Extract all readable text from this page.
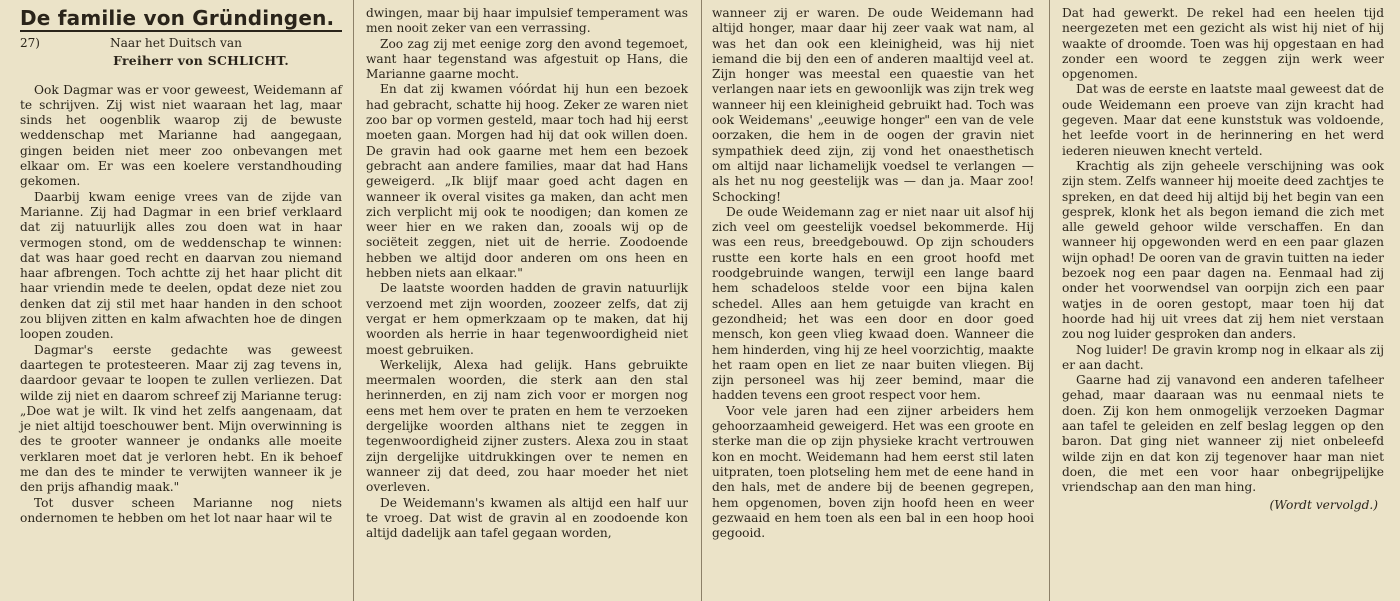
De familie von Gründingen.
27)	Naar het Duitsch van
Freiherr von SCHLICHT.

Ook Dagmar was er voor geweest, Weidemann af te schrijven. Zij wist niet waaraan het lag, maar sinds het oogenblik waarop zij de bewuste weddenschap met Marianne had aangegaan, gingen beiden niet meer zoo onbevangen met elkaar om. Er was een koelere verstandhouding gekomen.

Daarbij kwam eenige vrees van de zijde van Marianne. Zij had Dagmar in een brief verklaard dat zij natuurlijk alles zou doen wat in haar vermogen stond, om de weddenschap te winnen: dat was haar goed recht en daarvan zou niemand haar afbrengen. Toch achtte zij het haar plicht dit haar vriendin mede te deelen, opdat deze niet zou denken dat zij stil met haar handen in den schoot zou blijven zitten en kalm afwachten hoe de dingen loopen zouden.

Dagmar's eerste gedachte was geweest daartegen te protesteeren. Maar zij zag tevens in, daardoor gevaar te loopen te zullen verliezen. Dat wilde zij niet en daarom schreef zij Marianne terug: „Doe wat je wilt. Ik vind het zelfs aangenaam, dat je niet altijd toeschouwer bent. Mijn overwinning is des te grooter wanneer je ondanks alle moeite verklaren moet dat je verloren hebt. En ik behoef me dan des te minder te verwijten wanneer ik je den prijs afhandig maak."

Tot dusver scheen Marianne nog niets ondernomen te hebben om het lot naar haar wil te

dwingen, maar bij haar impulsief temperament was men nooit zeker van een verrassing.

Zoo zag zij met eenige zorg den avond tegemoet, want haar tegenstand was afgestuit op Hans, die Marianne gaarne mocht.

En dat zij kwamen vóórdat hij hun een bezoek had gebracht, schatte hij hoog. Zeker ze waren niet zoo bar op vormen gesteld, maar toch had hij eerst moeten gaan. Morgen had hij dat ook willen doen. De gravin had ook gaarne met hem een bezoek gebracht aan andere families, maar dat had Hans geweigerd. „Ik blijf maar goed acht dagen en wanneer ik overal visites ga maken, dan acht men zich verplicht mij ook te noodigen; dan komen ze weer hier en we raken dan, zooals wij op de sociëteit zeggen, niet uit de herrie. Zoodoende hebben we altijd door anderen om ons heen en hebben niets aan elkaar."

De laatste woorden hadden de gravin natuurlijk verzoend met zijn woorden, zoozeer zelfs, dat zij vergat er hem opmerkzaam op te maken, dat hij woorden als herrie in haar tegenwoordigheid niet moest gebruiken.

Werkelijk, Alexa had gelijk. Hans gebruikte meermalen woorden, die sterk aan den stal herinnerden, en zij nam zich voor er morgen nog eens met hem over te praten en hem te verzoeken dergelijke woorden althans niet te zeggen in tegenwoordigheid zijner zusters. Alexa zou in staat zijn dergelijke uitdrukkingen over te nemen en wanneer zij dat deed, zou haar moeder het niet overleven.

De Weidemann's kwamen als altijd een half uur te vroeg. Dat wist de gravin al en zoodoende kon altijd dadelijk aan tafel gegaan worden,

wanneer zij er waren. De oude Weidemann had altijd honger, maar daar hij zeer vaak wat nam, al was het dan ook een kleinigheid, was hij niet iemand die bij den een of anderen maaltijd veel at. Zijn honger was meestal een quaestie van het verlangen naar iets en gewoonlijk was zijn trek weg wanneer hij een kleinigheid gebruikt had. Toch was ook Weidemans' „eeuwige honger" een van de vele oorzaken, die hem in de oogen der gravin niet sympathiek deed zijn, zij vond het onaesthetisch om altijd naar lichamelijk voedsel te verlangen — als het nu nog geestelijk was — dan ja. Maar zoo! Schocking!

De oude Weidemann zag er niet naar uit alsof hij zich veel om geestelijk voedsel bekommerde. Hij was een reus, breedgebouwd. Op zijn schouders rustte een korte hals en een groot hoofd met roodgebruinde wangen, terwijl een lange baard hem schadeloos stelde voor een bijna kalen schedel. Alles aan hem getuigde van kracht en gezondheid; het was een door en door goed mensch, kon geen vlieg kwaad doen. Wanneer die hem hinderden, ving hij ze heel voorzichtig, maakte het raam open en liet ze naar buiten vliegen. Bij zijn personeel was hij zeer bemind, maar die hadden tevens een groot respect voor hem.

Voor vele jaren had een zijner arbeiders hem gehoorzaamheid geweigerd. Het was een groote en sterke man die op zijn physieke kracht vertrouwen kon en mocht. Weidemann had hem eerst stil laten uitpraten, toen plotseling hem met de eene hand in den hals, met de andere bij de beenen gegrepen, hem opgenomen, boven zijn hoofd heen en weer gezwaaid en hem toen als een bal in een hoop hooi gegooid.

Dat had gewerkt. De rekel had een heelen tijd neergezeten met een gezicht als wist hij niet of hij waakte of droomde. Toen was hij opgestaan en had zonder een woord te zeggen zijn werk weer opgenomen.

Dat was de eerste en laatste maal geweest dat de oude Weidemann een proeve van zijn kracht had gegeven. Maar dat eene kunststuk was voldoende, het leefde voort in de herinnering en het werd iederen nieuwen knecht verteld.

Krachtig als zijn geheele verschijning was ook zijn stem. Zelfs wanneer hij moeite deed zachtjes te spreken, en dat deed hij altijd bij het begin van een gesprek, klonk het als begon iemand die zich met alle geweld gehoor wilde verschaffen. En dan wanneer hij opgewonden werd en een paar glazen wijn ophad! De ooren van de gravin tuitten na ieder bezoek nog een paar dagen na. Eenmaal had zij onder het voorwendsel van oorpijn zich een paar watjes in de ooren gestopt, maar toen hij dat hoorde had hij uit vrees dat zij hem niet verstaan zou nog luider gesproken dan anders.

Nog luider! De gravin kromp nog in elkaar als zij er aan dacht.

Gaarne had zij vanavond een anderen tafelheer gehad, maar daaraan was nu eenmaal niets te doen. Zij kon hem onmogelijk verzoeken Dagmar aan tafel te geleiden en zelf beslag leggen op den baron. Dat ging niet wanneer zij niet onbeleefd wilde zijn en dat kon zij tegenover haar man niet doen, die met een voor haar onbegrijpelijke vriendschap aan den man hing.

(Wordt vervolgd.)
